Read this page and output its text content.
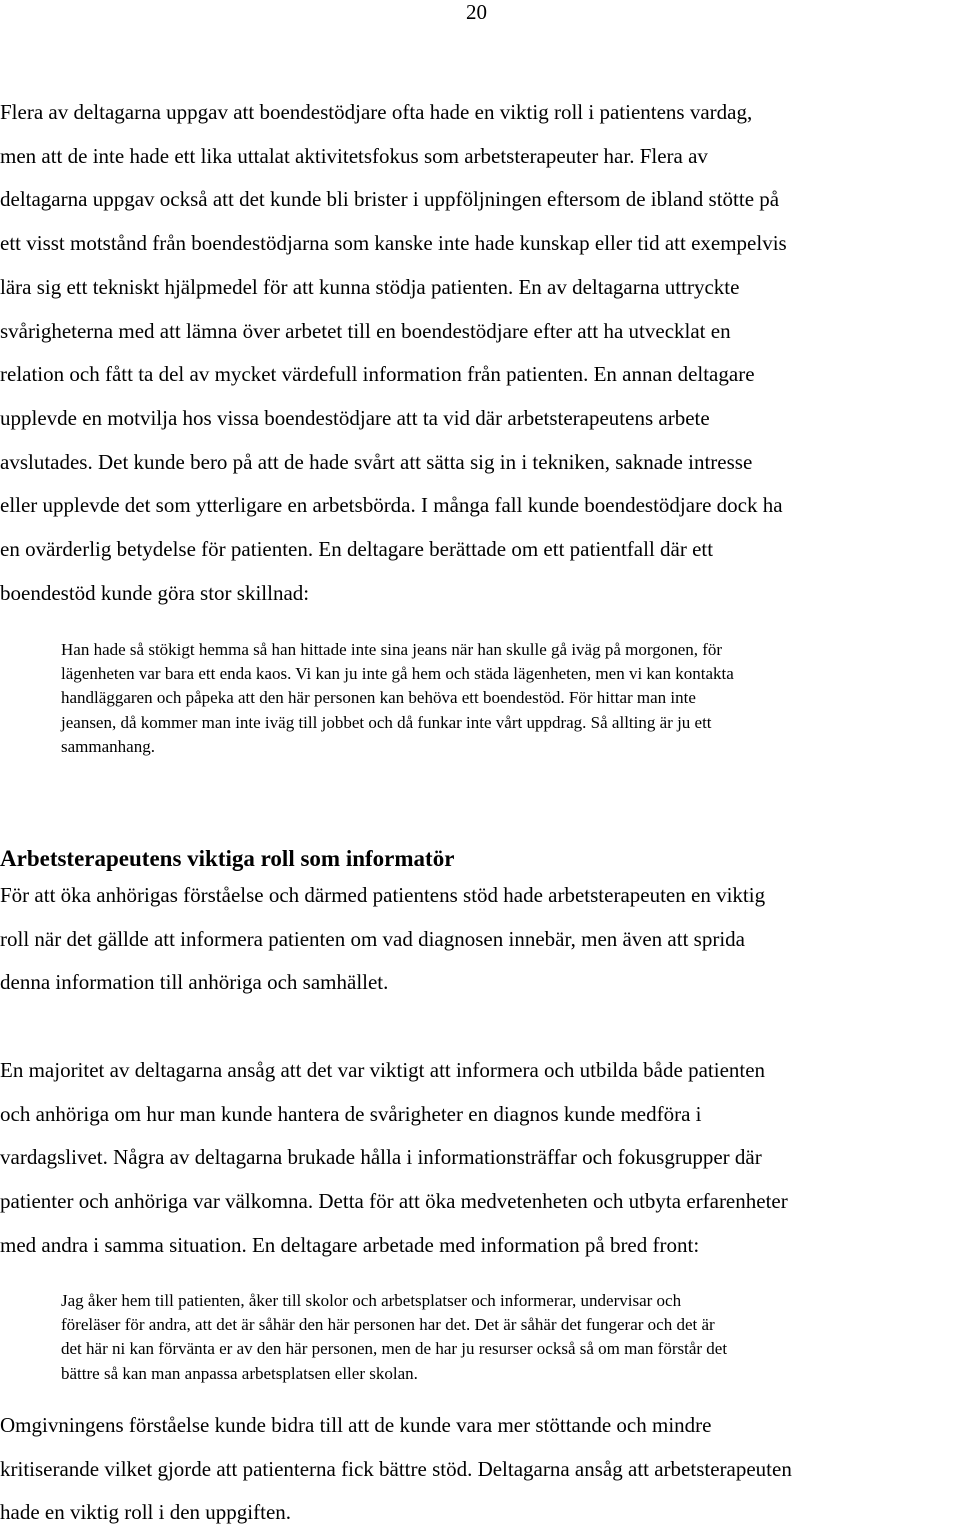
20

Flera av deltagarna uppgav att boendestödjare ofta hade en viktig roll i patientens vardag,
men att de inte hade ett lika uttalat aktivitetsfokus som arbetsterapeuter har. Flera av
deltagarna uppgav också att det kunde bli brister i uppföljningen eftersom de ibland stötte på
ett visst motstånd från boendestödjarna som kanske inte hade kunskap eller tid att exempelvis
lära sig ett tekniskt hjälpmedel för att kunna stödja patienten. En av deltagarna uttryckte
svårigheterna med att lämna över arbetet till en boendestödjare efter att ha utvecklat en
relation och fått ta del av mycket värdefull information från patienten. En annan deltagare
upplevde en motvilja hos vissa boendestödjare att ta vid där arbetsterapeutens arbete
avslutades. Det kunde bero på att de hade svårt att sätta sig in i tekniken, saknade intresse
eller upplevde det som ytterligare en arbetsbörda. I många fall kunde boendestödjare dock ha
en ovärderlig betydelse för patienten. En deltagare berättade om ett patientfall där ett
boendestöd kunde göra stor skillnad:

Han hade så stökigt hemma så han hittade inte sina jeans när han skulle gå iväg på morgonen, för
lägenheten var bara ett enda kaos. Vi kan ju inte gå hem och städa lägenheten, men vi kan kontakta
handläggaren och påpeka att den här personen kan behöva ett boendestöd. För hittar man inte
jeansen, då kommer man inte iväg till jobbet och då funkar inte vårt uppdrag. Så allting är ju ett
sammanhang.
Arbetsterapeutens viktiga roll som informatör

För att öka anhörigas förståelse och därmed patientens stöd hade arbetsterapeuten en viktig
roll när det gällde att informera patienten om vad diagnosen innebär, men även att sprida
denna information till anhöriga och samhället.

En majoritet av deltagarna ansåg att det var viktigt att informera och utbilda både patienten
och anhöriga om hur man kunde hantera de svårigheter en diagnos kunde medföra i
vardagslivet. Några av deltagarna brukade hålla i informationsträffar och fokusgrupper där
patienter och anhöriga var välkomna. Detta för att öka medvetenheten och utbyta erfarenheter
med andra i samma situation. En deltagare arbetade med information på bred front:

Jag åker hem till patienten, åker till skolor och arbetsplatser och informerar, undervisar och
föreläser för andra, att det är såhär den här personen har det. Det är såhär det fungerar och det är
det här ni kan förvänta er av den här personen, men de har ju resurser också så om man förstår det
bättre så kan man anpassa arbetsplatsen eller skolan.

Omgivningens förståelse kunde bidra till att de kunde vara mer stöttande och mindre
kritiserande vilket gjorde att patienterna fick bättre stöd. Deltagarna ansåg att arbetsterapeuten
hade en viktig roll i den uppgiften.
